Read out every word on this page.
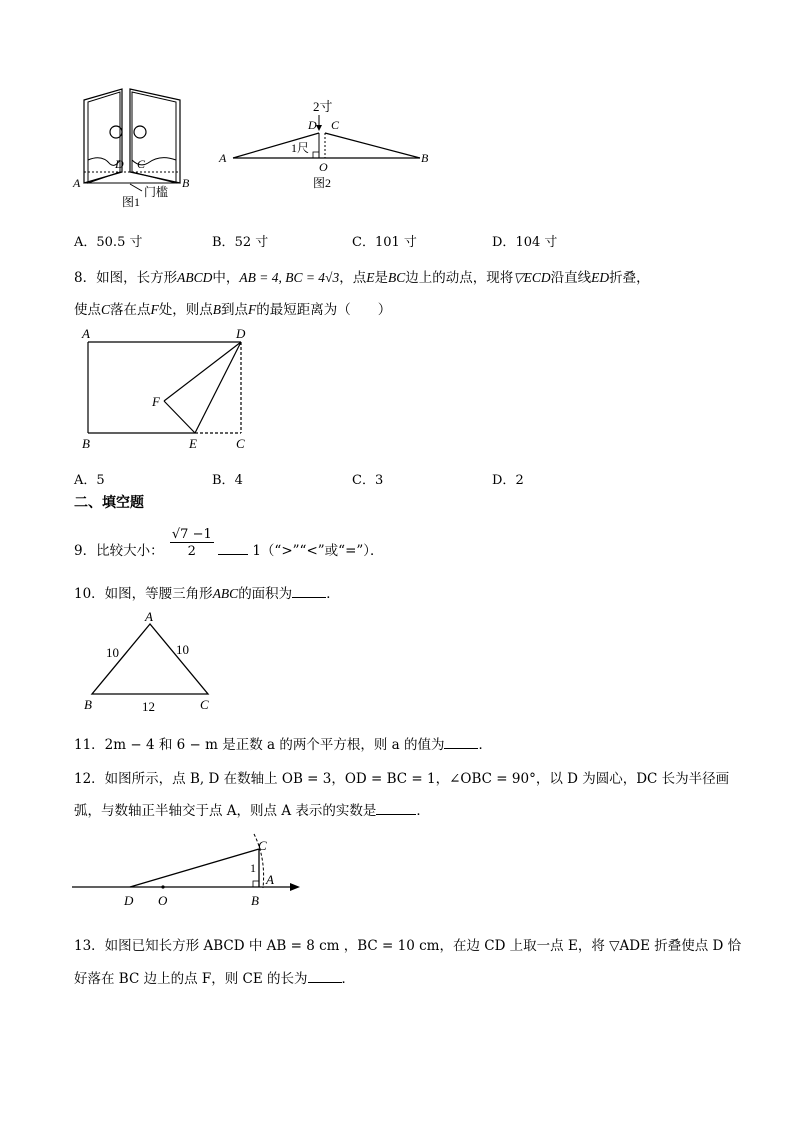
A	B
D C
门槛
图1
2寸
D C
A	B
1尺
O
图2
A．50.5 寸	B．52 寸	C．101 寸	D．104 寸
8．如图，长方形ABCD中，AB = 4, BC = 4√3，点E是BC边上的动点，现将▽ECD沿直线ED折叠，
使点C落在点F处，则点B到点F的最短距离为（　　）
A	D
B	E	C
F
A．5	B．4	C．3	D．2
二、填空题
9．比较大小： $\frac{√7 -1}{2}$	1（“>”“<”或“=”）．
10．如图，等腰三角形ABC的面积为	．
A
B	C
10	10
12
11．2m − 4 和 6 − m 是正数 a 的两个平方根，则 a 的值为	．
12．如图所示，点 B, D 在数轴上 OB = 3，OD = BC = 1，∠OBC = 90°，以 D 为圆心，DC 长为半径画
弧，与数轴正半轴交于点 A，则点 A 表示的实数是	．
C
1
A
D O	B
13．如图已知长方形 ABCD 中 AB = 8 cm ，BC = 10 cm，在边 CD 上取一点 E，将 ▽ADE 折叠使点 D 恰
好落在 BC 边上的点 F，则 CE 的长为	．
